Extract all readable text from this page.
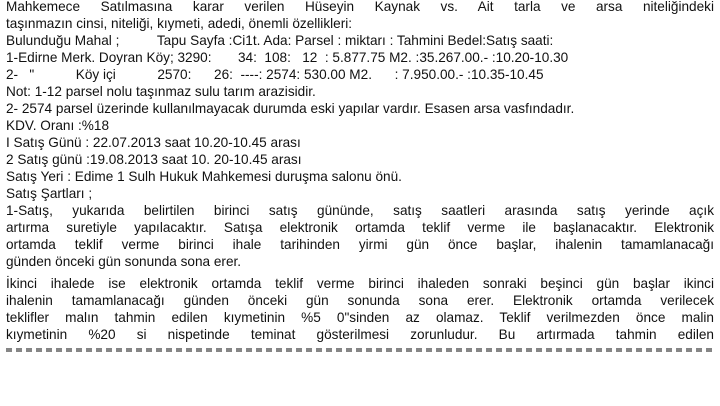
Mahkemece Satılmasına karar verilen Hüseyin Kaynak vs. Ait tarla ve arsa niteliğindeki
taşınmazın cinsi, niteliği, kıymeti, adedi, önemli özellikleri:
Bulunduğu Mahal ;          Tapu Sayfa :Ci1t. Ada: Parsel : miktarı : Tahmini Bedel:Satış saati:
1-Edirne Merk. Doyran Köy; 3290:       34:  108:   12  : 5.877.75 M2. :35.267.00.- :10.20-10.30
2-   "           Köy içi           2570:      26:  ----: 2574: 530.00 M2.      : 7.950.00.- :10.35-10.45
Not: 1-12 parsel nolu taşınmaz sulu tarım arazisidir.
2- 2574 parsel üzerinde kullanılmayacak durumda eski yapılar vardır. Esasen arsa vasfındadır.
KDV. Oranı :%18
I Satış Günü : 22.07.2013 saat 10.20-10.45 arası
2 Satış günü :19.08.2013 saat 10. 20-10.45 arası
Satış Yeri : Edime 1 Sulh Hukuk Mahkemesi duruşma salonu önü.
Satış Şartları ;
1-Satış, yukarıda belirtilen birinci satış gününde, satış saatleri arasında satış yerinde açık
artırma suretiyle yapılacaktır. Satışa elektronik ortamda teklif verme ile başlanacaktır. Elektronik
ortamda teklif verme birinci ihale tarihinden yirmi gün önce başlar, ihalenin tamamlanacağı
günden önceki gün sonunda sona erer.
İkinci ihalede ise elektronik ortamda teklif verme birinci ihaleden sonraki beşinci gün başlar ikinci
ihalenin tamamlanacağı günden önceki gün sonunda sona erer. Elektronik ortamda verilecek
teklifler malın tahmin edilen kıymetinin %5 0"sinden az olamaz. Teklif verilmezden önce malin
kıymetinin %20 si nispetinde teminat gösterilmesi zorunludur. Bu artırmada tahmin edilen
